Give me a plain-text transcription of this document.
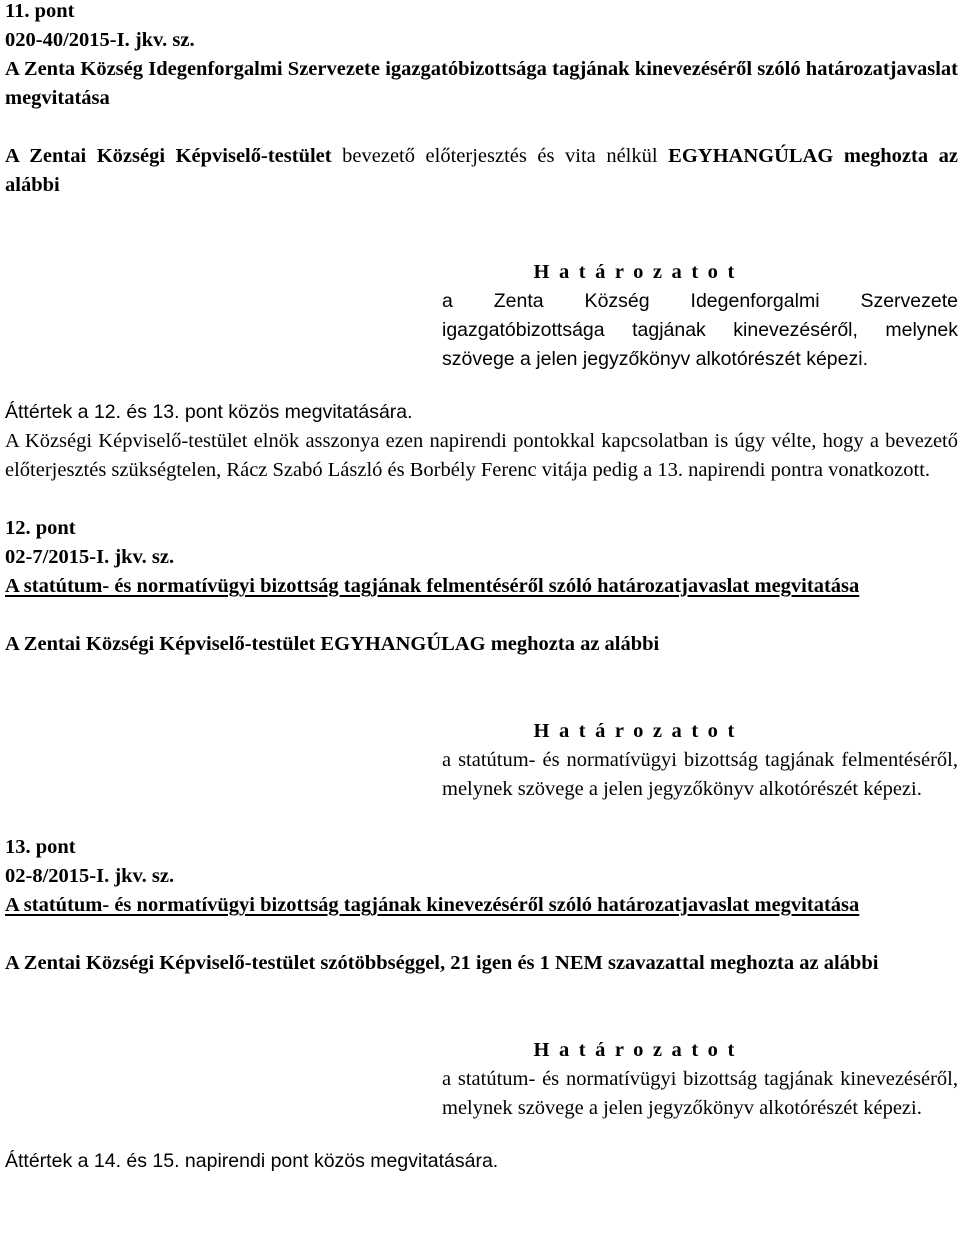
11. pont

020-40/2015-I. jkv. sz.

A Zenta Község Idegenforgalmi Szervezete igazgatóbizottsága tagjának kinevezéséről szóló határozatjavaslat megvitatása

A Zentai Községi Képviselő-testület bevezető előterjesztés és vita nélkül EGYHANGÚLAG meghozta az alábbi

H a t á r o z a t o t

a Zenta Község Idegenforgalmi Szervezete igazgatóbizottsága tagjának kinevezéséről, melynek szövege a jelen jegyzőkönyv alkotórészét képezi.

Áttértek a 12. és 13. pont közös megvitatására.

A Községi Képviselő-testület elnök asszonya ezen napirendi pontokkal kapcsolatban is úgy vélte, hogy a bevezető előterjesztés szükségtelen, Rácz Szabó László és Borbély Ferenc vitája pedig a 13. napirendi pontra vonatkozott.

12. pont

02-7/2015-I. jkv. sz.

A statútum- és normatívügyi bizottság tagjának felmentéséről szóló határozatjavaslat megvitatása

A Zentai Községi Képviselő-testület EGYHANGÚLAG meghozta az alábbi

H a t á r o z a t o t

a statútum- és normatívügyi bizottság tagjának felmentéséről, melynek szövege a jelen jegyzőkönyv alkotórészét képezi.

13. pont

02-8/2015-I. jkv. sz.

A statútum- és normatívügyi bizottság tagjának kinevezéséről szóló határozatjavaslat megvitatása

A Zentai Községi Képviselő-testület szótöbbséggel, 21 igen és 1 NEM szavazattal meghozta az alábbi

H a t á r o z a t o t

a statútum- és normatívügyi bizottság tagjának kinevezéséről, melynek szövege a jelen jegyzőkönyv alkotórészét képezi.

Áttértek a 14. és 15. napirendi pont közös megvitatására.
